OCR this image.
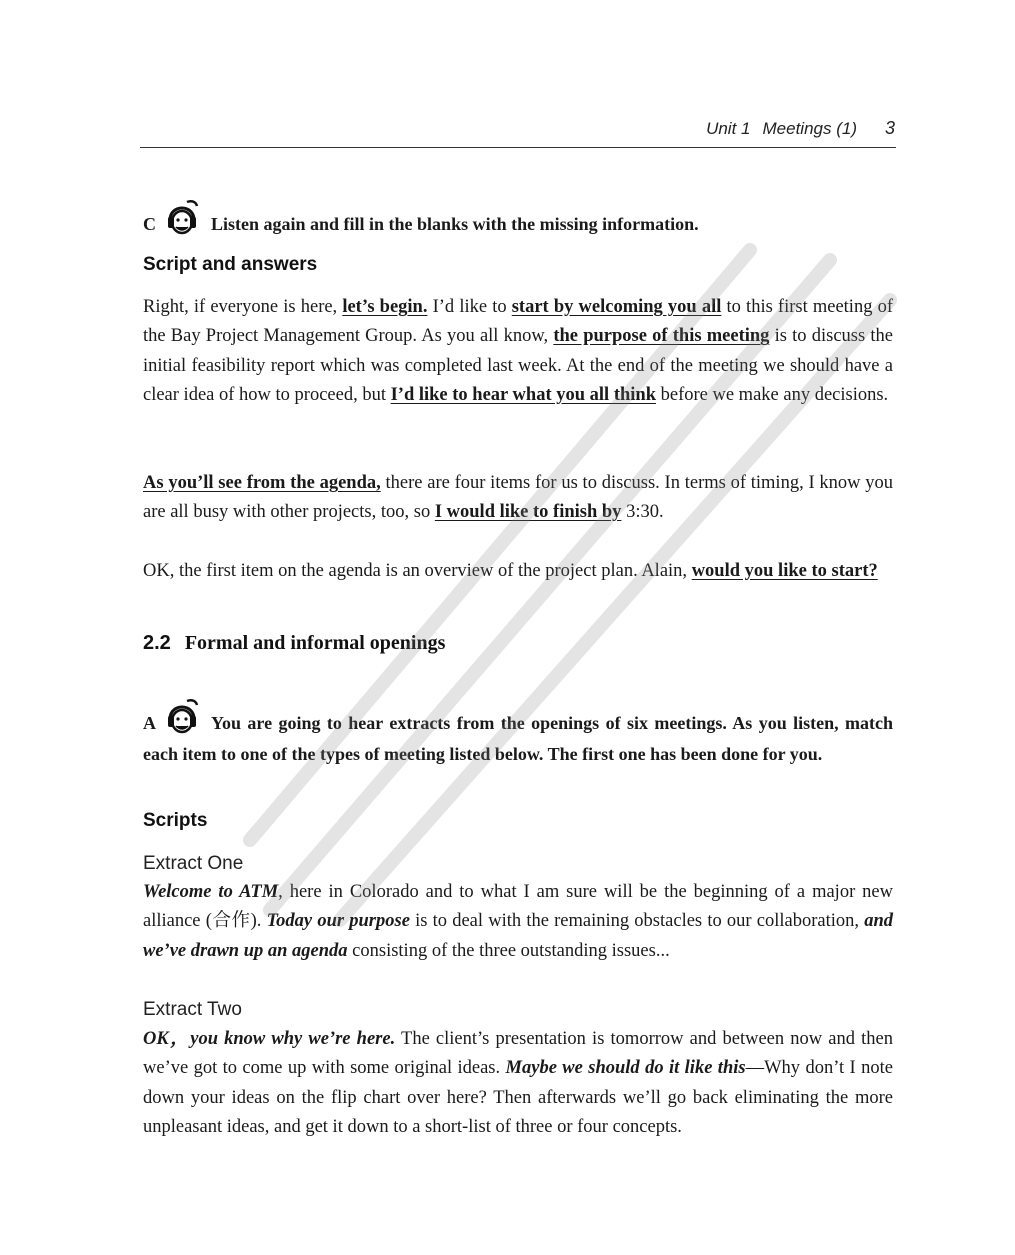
Unit 1 Meetings (1) 3
C	Listen again and fill in the blanks with the missing information.
Script and answers
Right, if everyone is here, let’s begin. I’d like to start by welcoming you all to this first meeting of the Bay Project Management Group. As you all know, the purpose of this meeting is to discuss the initial feasibility report which was completed last week. At the end of the meeting we should have a clear idea of how to proceed, but I’d like to hear what you all think before we make any decisions.
As you’ll see from the agenda, there are four items for us to discuss. In terms of timing, I know you are all busy with other projects, too, so I would like to finish by 3:30.
OK, the first item on the agenda is an overview of the project plan. Alain, would you like to start?
2.2 Formal and informal openings
A	You are going to hear extracts from the openings of six meetings. As you listen, match each item to one of the types of meeting listed below. The first one has been done for you.
Scripts
Extract One
Welcome to ATM, here in Colorado and to what I am sure will be the beginning of a major new alliance (合作). Today our purpose is to deal with the remaining obstacles to our collaboration, and we’ve drawn up an agenda consisting of the three outstanding issues...
Extract Two
OK，you know why we’re here. The client’s presentation is tomorrow and between now and then we’ve got to come up with some original ideas. Maybe we should do it like this—Why don’t I note down your ideas on the flip chart over here? Then afterwards we’ll go back eliminating the more unpleasant ideas, and get it down to a short-list of three or four concepts.
